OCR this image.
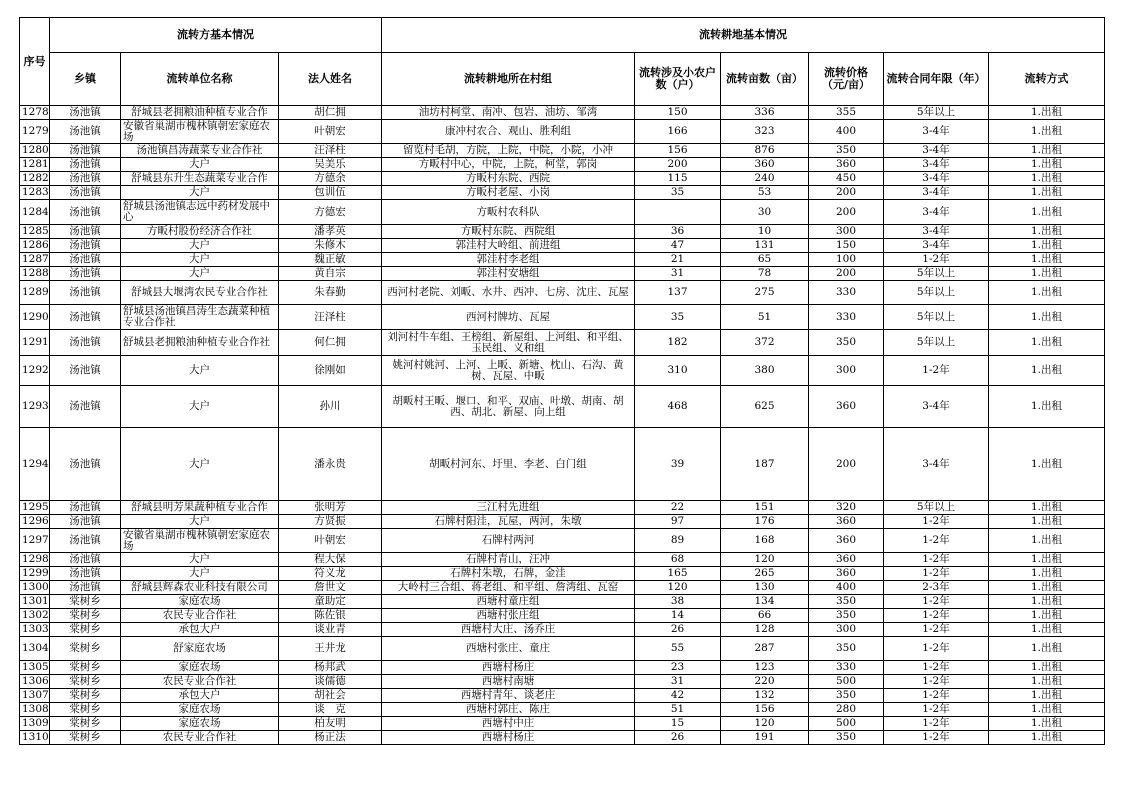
序号	流转方基本情况			流转耕地基本情况					
	乡镇	流转单位名称	法人姓名	流转耕地所在村组	流转涉及小农户数（户）	流转亩数（亩）	流转价格（元/亩）	流转合同年限（年）	流转方式
1278	汤池镇	舒城县老拥粮油种植专业合作	胡仁拥	油坊村柯堂、南冲、包岩、油坊、邹湾	150	336	355	5年以上	1.出租
1279	汤池镇	安徽省巢湖市槐林镇朝宏家庭农场	叶朝宏	康冲村农合、观山、胜利组	166	323	400	3-4年	1.出租
1280	汤池镇	汤池镇昌涛蔬菜专业合作社	汪泽柱	留览村毛胡，方院，上院，中院，小院，小冲	156	876	350	3-4年	1.出租
1281	汤池镇	大户	吴美乐	方畈村中心，中院，上院，柯堂，郭岗	200	360	360	3-4年	1.出租
1282	汤池镇	舒城县东升生态蔬菜专业合作	方德余	方畈村东院、西院	115	240	450	3-4年	1.出租
1283	汤池镇	大户	包训伍	方畈村老屋、小岗	35	53	200	3-4年	1.出租
1284	汤池镇	舒城县汤池镇志远中药材发展中心	方德宏	方畈村农科队		30	200	3-4年	1.出租
1285	汤池镇	方畈村股份经济合作社	潘孝英	方畈村东院、西院组	36	10	300	3-4年	1.出租
1286	汤池镇	大户	朱修木	郭洼村大岭组、前进组	47	131	150	3-4年	1.出租
1287	汤池镇	大户	魏正敏	郭洼村李老组	21	65	100	1-2年	1.出租
1288	汤池镇	大户	黄自宗	郭洼村安塘组	31	78	200	5年以上	1.出租
1289	汤池镇	舒城县大堰湾农民专业合作社	朱春勤	西河村老院、刘畈、水井、西冲、七房、沈庄、瓦屋	137	275	330	5年以上	1.出租
1290	汤池镇	舒城县汤池镇昌涛生态蔬菜种植专业合作社	汪泽柱	西河村牌坊、瓦屋	35	51	330	5年以上	1.出租
1291	汤池镇	舒城县老拥粮油种植专业合作社	何仁拥	刘河村牛车组、王榜组、新屋组、上河组、和平组、玉民组、义和组	182	372	350	5年以上	1.出租
1292	汤池镇	大户	徐刚如	姚河村姚河、上河、上畈、新塘、枕山、石沟、黄树、瓦屋、中畈	310	380	300	1-2年	1.出租
1293	汤池镇	大户	孙川	胡畈村王畈、堰口、和平、双庙、叶墩、胡南、胡西、胡北、新屋、向上组	468	625	360	3-4年	1.出租
1294	汤池镇	大户	潘永贵	胡畈村河东、圩里、李老、白门组	39	187	200	3-4年	1.出租
1295	汤池镇	舒城县明芳果蔬种植专业合作	张明芳	三江村先进组	22	151	320	5年以上	1.出租
1296	汤池镇	大户	方贤振	石牌村阳洼，瓦屋，两河，朱墩	97	176	360	1-2年	1.出租
1297	汤池镇	安徽省巢湖市槐林镇朝宏家庭农场	叶朝宏	石牌村两河	89	168	360	1-2年	1.出租
1298	汤池镇	大户	程大保	石牌村青山，汪冲	68	120	360	1-2年	1.出租
1299	汤池镇	大户	符义龙	石牌村朱墩，石牌，金洼	165	265	360	1-2年	1.出租
1300	汤池镇	舒城县辉森农业科技有限公司	詹世文	大岭村三合组、蒋老组、和平组、詹湾组、瓦窑	120	130	400	2-3年	1.出租
1301	棠树乡	家庭农场	童助定	西塘村童庄组	38	134	350	1-2年	1.出租
1302	棠树乡	农民专业合作社	陈佐银	西塘村张庄组	14	66	350	1-2年	1.出租
1303	棠树乡	承包大户	谈业青	西塘村大庄、汤乔庄	26	128	300	1-2年	1.出租
1304	棠树乡	舒家庭农场	王井龙	西塘村张庄、童庄	55	287	350	1-2年	1.出租
1305	棠树乡	家庭农场	杨邦武	西塘村杨庄	23	123	330	1-2年	1.出租
1306	棠树乡	农民专业合作社	谈儒德	西塘村南塘	31	220	500	1-2年	1.出租
1307	棠树乡	承包大户	胡社会	西塘村青年、谈老庄	42	132	350	1-2年	1.出租
1308	棠树乡	家庭农场	谈　克	西塘村郭庄、陈庄	51	156	280	1-2年	1.出租
1309	棠树乡	家庭农场	柏友明	西塘村中庄	15	120	500	1-2年	1.出租
1310	棠树乡	农民专业合作社	杨正法	西塘村杨庄	26	191	350	1-2年	1.出租
